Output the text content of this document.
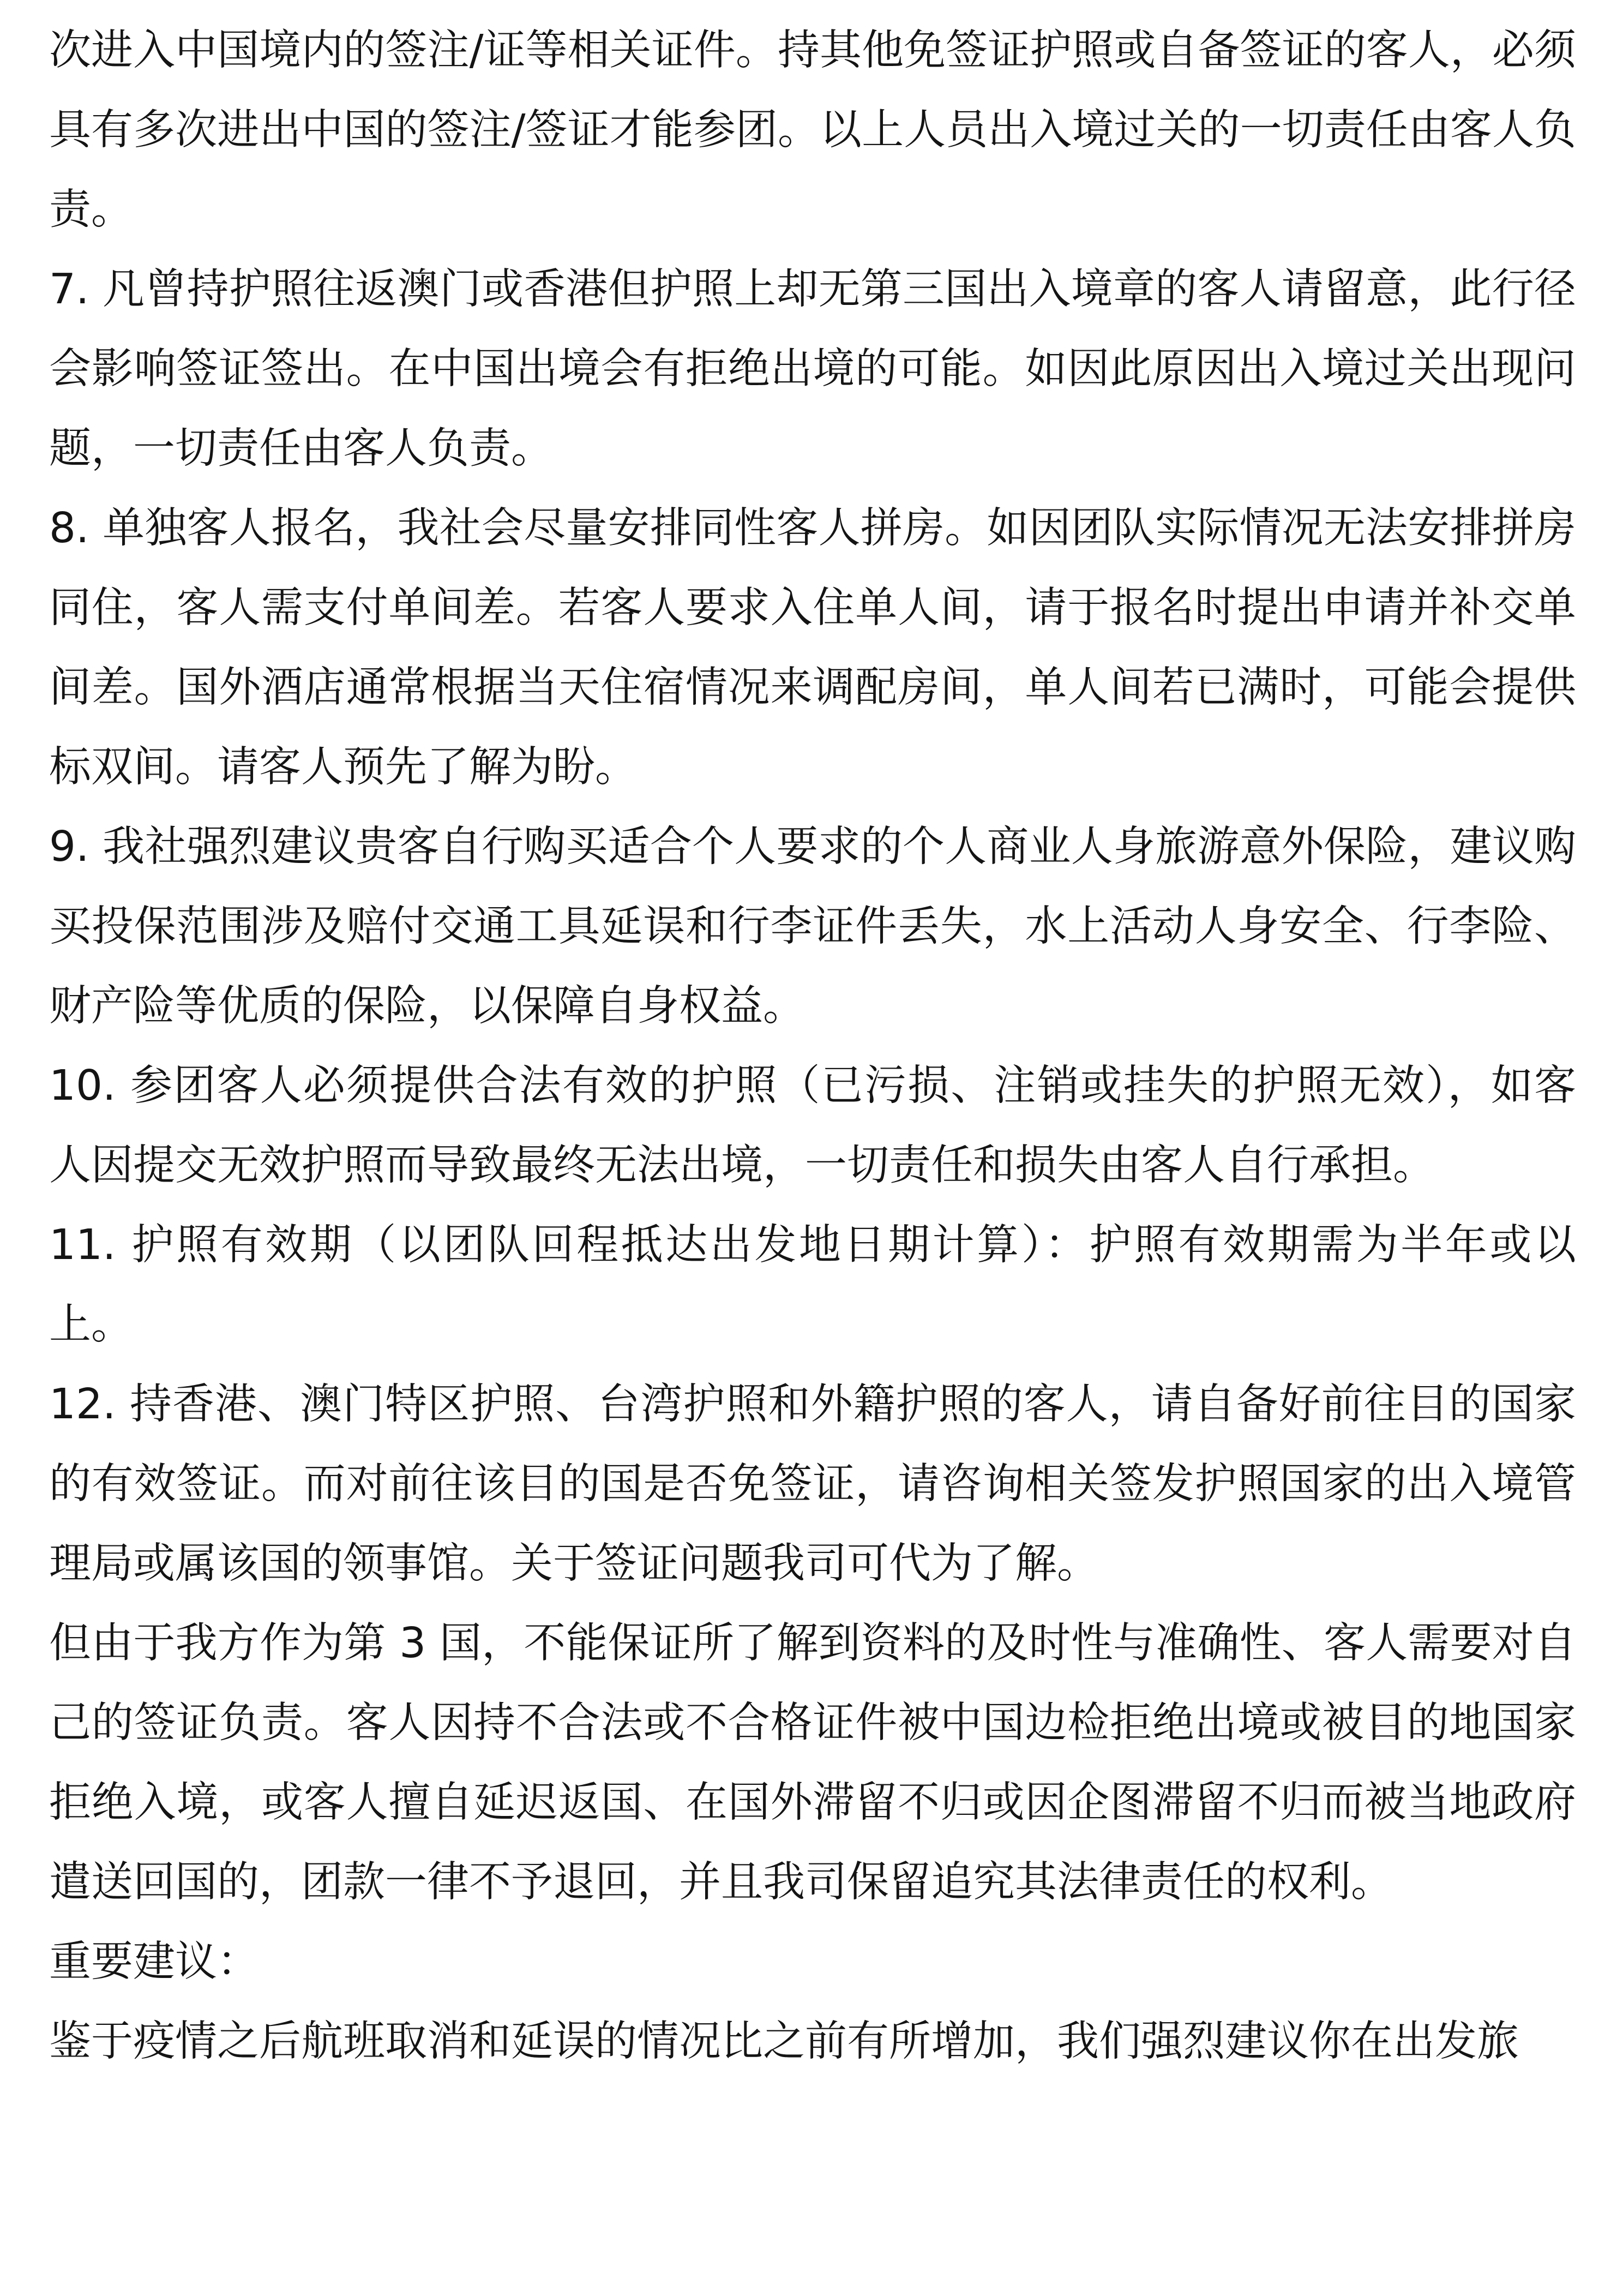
次进入中国境内的签注/证等相关证件。持其他免签证护照或自备签证的客人，必须具有多次进出中国的签注/签证才能参团。以上人员出入境过关的一切责任由客人负责。

7. 凡曾持护照往返澳门或香港但护照上却无第三国出入境章的客人请留意，此行径会影响签证签出。在中国出境会有拒绝出境的可能。如因此原因出入境过关出现问题，一切责任由客人负责。

8. 单独客人报名，我社会尽量安排同性客人拼房。如因团队实际情况无法安排拼房同住，客人需支付单间差。若客人要求入住单人间，请于报名时提出申请并补交单间差。国外酒店通常根据当天住宿情况来调配房间，单人间若已满时，可能会提供标双间。请客人预先了解为盼。

9. 我社强烈建议贵客自行购买适合个人要求的个人商业人身旅游意外保险，建议购买投保范围涉及赔付交通工具延误和行李证件丢失，水上活动人身安全、行李险、财产险等优质的保险，以保障自身权益。

10. 参团客人必须提供合法有效的护照（已污损、注销或挂失的护照无效），如客人因提交无效护照而导致最终无法出境，一切责任和损失由客人自行承担。

11. 护照有效期（以团队回程抵达出发地日期计算）：护照有效期需为半年或以上。

12. 持香港、澳门特区护照、台湾护照和外籍护照的客人，请自备好前往目的国家的有效签证。而对前往该目的国是否免签证，请咨询相关签发护照国家的出入境管理局或属该国的领事馆。关于签证问题我司可代为了解。

但由于我方作为第 3 国，不能保证所了解到资料的及时性与准确性、客人需要对自己的签证负责。客人因持不合法或不合格证件被中国边检拒绝出境或被目的地国家拒绝入境，或客人擅自延迟返国、在国外滞留不归或因企图滞留不归而被当地政府遣送回国的，团款一律不予退回，并且我司保留追究其法律责任的权利。

重要建议：

鉴于疫情之后航班取消和延误的情况比之前有所增加，我们强烈建议你在出发旅
